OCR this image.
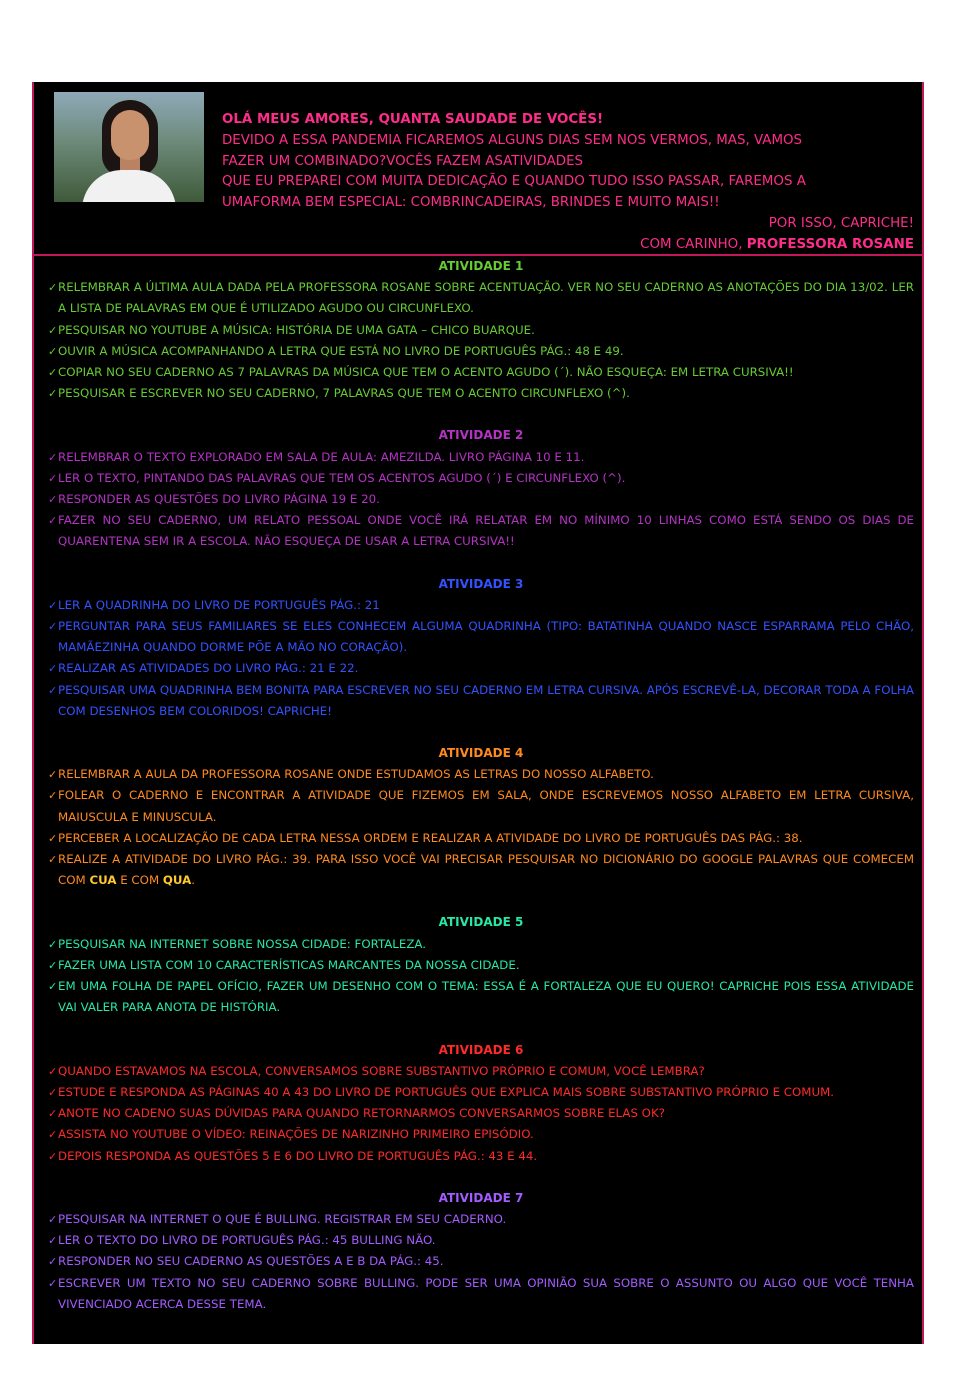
OLÁ MEUS AMORES, QUANTA SAUDADE DE VOCÊS!

DEVIDO A ESSA PANDEMIA FICAREMOS ALGUNS DIAS SEM NOS VERMOS, MAS, VAMOS

FAZER UM COMBINADO?VOCÊS FAZEM ASATIVIDADES

QUE EU PREPAREI COM MUITA DEDICAÇÃO E QUANDO TUDO ISSO PASSAR, FAREMOS A

UMAFORMA BEM ESPECIAL: COMBRINCADEIRAS, BRINDES E MUITO MAIS!!

POR ISSO, CAPRICHE!

COM CARINHO, PROFESSORA ROSANE

ATIVIDADE 1
✓ RELEMBRAR A ÚLTIMA AULA DADA PELA PROFESSORA ROSANE SOBRE ACENTUAÇÃO. VER NO SEU CADERNO AS ANOTAÇÕES DO DIA 13/02. LER A LISTA DE PALAVRAS EM QUE É UTILIZADO AGUDO OU CIRCUNFLEXO.
✓ PESQUISAR NO YOUTUBE A MÚSICA: HISTÓRIA DE UMA GATA – CHICO BUARQUE.
✓ OUVIR A MÚSICA ACOMPANHANDO A LETRA QUE ESTÁ NO LIVRO DE PORTUGUÊS PÁG.: 48 E 49.
✓ COPIAR NO SEU CADERNO AS 7 PALAVRAS DA MÚSICA QUE TEM O ACENTO AGUDO (´). NÃO ESQUEÇA: EM LETRA CURSIVA!!
✓ PESQUISAR E ESCREVER NO SEU CADERNO, 7 PALAVRAS QUE TEM O ACENTO CIRCUNFLEXO (^).
ATIVIDADE 2
✓ RELEMBRAR O TEXTO EXPLORADO EM SALA DE AULA: AMEZILDA. LIVRO PÁGINA 10 E 11.
✓ LER O TEXTO, PINTANDO DAS PALAVRAS QUE TEM OS ACENTOS AGUDO (´) E CIRCUNFLEXO (^).
✓ RESPONDER AS QUESTÕES DO LIVRO PÁGINA 19 E 20.
✓ FAZER NO SEU CADERNO, UM RELATO PESSOAL ONDE VOCÊ IRÁ RELATAR EM NO MÍNIMO 10 LINHAS COMO ESTÁ SENDO OS DIAS DE QUARENTENA SEM IR A ESCOLA. NÃO ESQUEÇA DE USAR A LETRA CURSIVA!!
ATIVIDADE 3
✓ LER A QUADRINHA DO LIVRO DE PORTUGUÊS PÁG.: 21
✓ PERGUNTAR PARA SEUS FAMILIARES SE ELES CONHECEM ALGUMA QUADRINHA (TIPO: BATATINHA QUANDO NASCE ESPARRAMA PELO CHÃO, MAMÃEZINHA QUANDO DORME PÕE A MÃO NO CORAÇÃO).
✓ REALIZAR AS ATIVIDADES DO LIVRO PÁG.: 21 E 22.
✓ PESQUISAR UMA QUADRINHA BEM BONITA PARA ESCREVER NO SEU CADERNO EM LETRA CURSIVA. APÓS ESCREVÊ-LA, DECORAR TODA A FOLHA COM DESENHOS BEM COLORIDOS! CAPRICHE!
ATIVIDADE 4
✓ RELEMBRAR A AULA DA PROFESSORA ROSANE ONDE ESTUDAMOS AS LETRAS DO NOSSO ALFABETO.
✓ FOLEAR O CADERNO E ENCONTRAR A ATIVIDADE QUE FIZEMOS EM SALA, ONDE ESCREVEMOS NOSSO ALFABETO EM LETRA CURSIVA, MAIUSCULA E MINUSCULA.
✓ PERCEBER A LOCALIZAÇÃO DE CADA LETRA NESSA ORDEM E REALIZAR A ATIVIDADE DO LIVRO DE PORTUGUÊS DAS PÁG.: 38.
✓ REALIZE A ATIVIDADE DO LIVRO PÁG.: 39. PARA ISSO VOCÊ VAI PRECISAR PESQUISAR NO DICIONÁRIO DO GOOGLE PALAVRAS QUE COMECEM COM CUA E COM QUA.
ATIVIDADE 5
✓ PESQUISAR NA INTERNET SOBRE NOSSA CIDADE: FORTALEZA.
✓ FAZER UMA LISTA COM 10 CARACTERÍSTICAS MARCANTES DA NOSSA CIDADE.
✓ EM UMA FOLHA DE PAPEL OFÍCIO, FAZER UM DESENHO COM O TEMA: ESSA É A FORTALEZA QUE EU QUERO! CAPRICHE POIS ESSA ATIVIDADE VAI VALER PARA ANOTA DE HISTÓRIA.
ATIVIDADE 6
✓ QUANDO ESTAVAMOS NA ESCOLA, CONVERSAMOS SOBRE SUBSTANTIVO PRÓPRIO E COMUM, VOCÊ LEMBRA?
✓ ESTUDE E RESPONDA AS PÁGINAS 40 A 43 DO LIVRO DE PORTUGUÊS QUE EXPLICA MAIS SOBRE SUBSTANTIVO PRÓPRIO E COMUM.
✓ ANOTE NO CADENO SUAS DÚVIDAS PARA QUANDO RETORNARMOS CONVERSARMOS SOBRE ELAS OK?
✓ ASSISTA NO YOUTUBE O VÍDEO: REINAÇÕES DE NARIZINHO PRIMEIRO EPISÓDIO.
✓ DEPOIS RESPONDA AS QUESTÕES 5 E 6 DO LIVRO DE PORTUGUÊS PÁG.: 43 E 44.
ATIVIDADE 7
✓ PESQUISAR NA INTERNET O QUE É BULLING. REGISTRAR EM SEU CADERNO.
✓ LER O TEXTO DO LIVRO DE PORTUGUÊS PÁG.: 45 BULLING NÃO.
✓ RESPONDER NO SEU CADERNO AS QUESTÕES A E B DA PÁG.: 45.
✓ ESCREVER UM TEXTO NO SEU CADERNO SOBRE BULLING. PODE SER UMA OPINIÃO SUA SOBRE O ASSUNTO OU ALGO QUE VOCÊ TENHA VIVENCIADO ACERCA DESSE TEMA.
